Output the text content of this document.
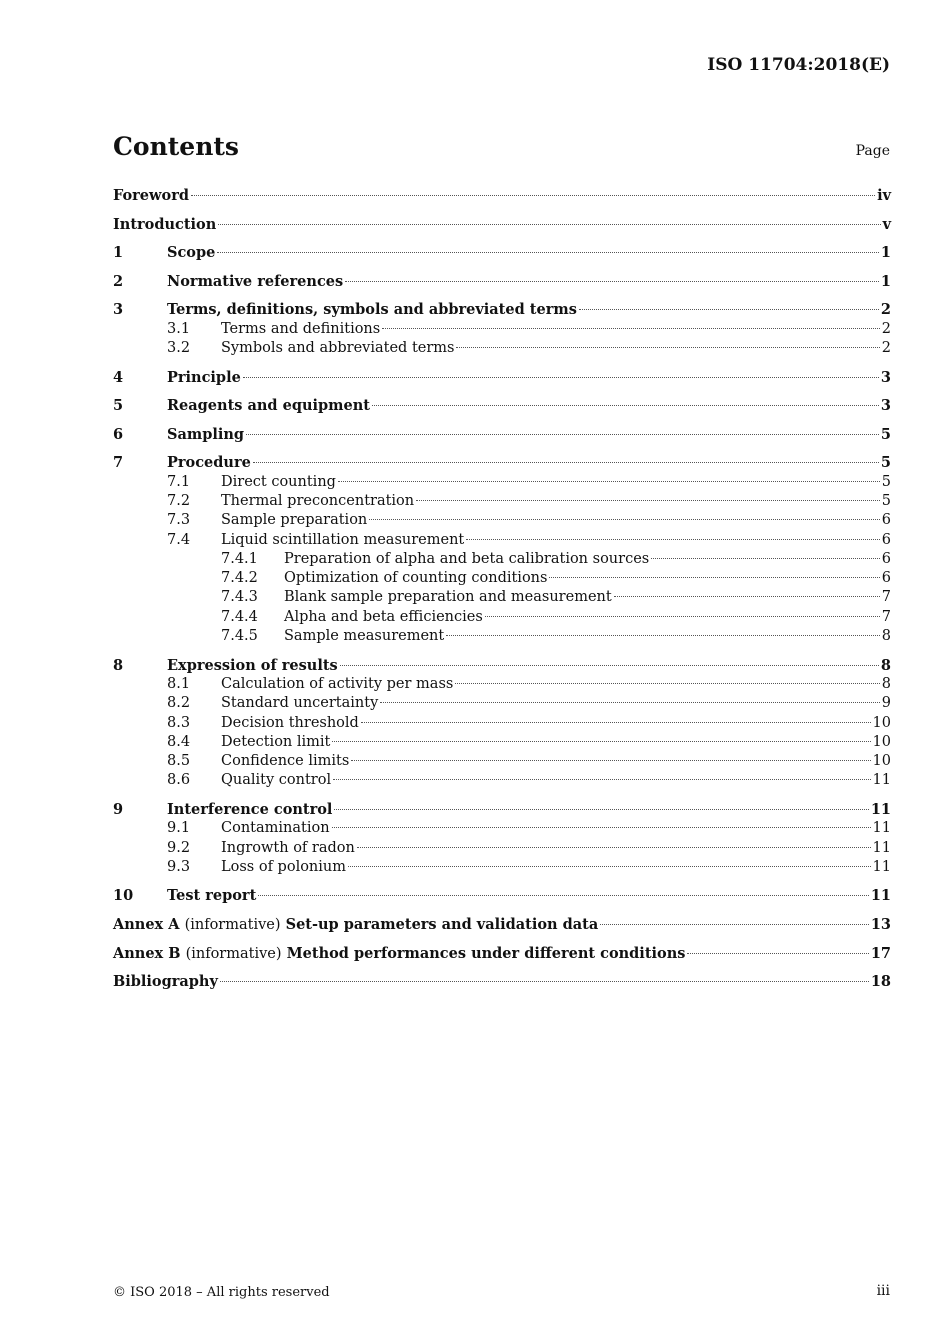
ISO 11704:2018(E)
Contents	Page
Foreword	iv
Introduction	v
1	Scope	1
2	Normative references	1
3	Terms, definitions, symbols and abbreviated terms	2
3.1	Terms and definitions	2
3.2	Symbols and abbreviated terms	2
4	Principle	3
5	Reagents and equipment	3
6	Sampling	5
7	Procedure	5
7.1	Direct counting	5
7.2	Thermal preconcentration	5
7.3	Sample preparation	6
7.4	Liquid scintillation measurement	6
7.4.1	Preparation of alpha and beta calibration sources	6
7.4.2	Optimization of counting conditions	6
7.4.3	Blank sample preparation and measurement	7
7.4.4	Alpha and beta efficiencies	7
7.4.5	Sample measurement	8
8	Expression of results	8
8.1	Calculation of activity per mass	8
8.2	Standard uncertainty	9
8.3	Decision threshold	10
8.4	Detection limit	10
8.5	Confidence limits	10
8.6	Quality control	11
9	Interference control	11
9.1	Contamination	11
9.2	Ingrowth of radon	11
9.3	Loss of polonium	11
10	Test report	11
Annex A (informative) Set-up parameters and validation data	13
Annex B (informative) Method performances under different conditions	17
Bibliography	18
© ISO 2018 – All rights reserved	iii
